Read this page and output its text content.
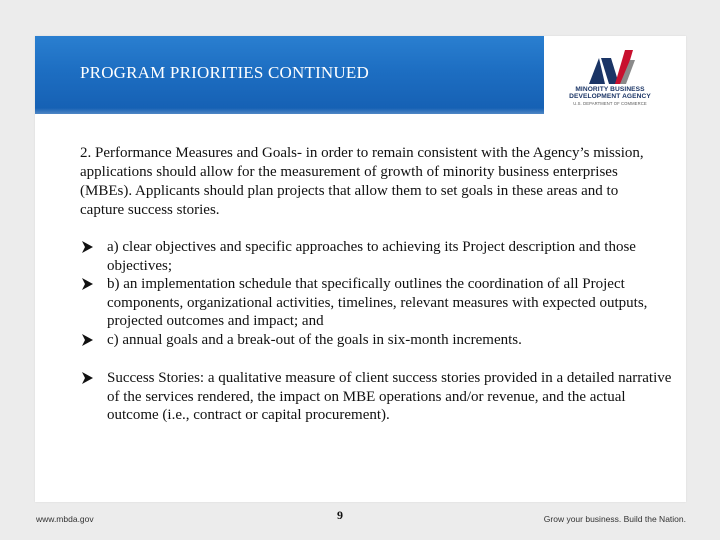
PROGRAM PRIORITIES CONTINUED
MINORITY BUSINESS
DEVELOPMENT AGENCY
U.S. DEPARTMENT OF COMMERCE
2. Performance Measures and Goals- in order to remain consistent with the Agency’s mission, applications should allow for the measurement of growth of minority business enterprises (MBEs). Applicants should plan projects that allow them to set goals in these areas and to capture success stories.
a) clear objectives and specific approaches to achieving its Project description and those objectives;
b) an implementation schedule that specifically outlines the coordination of all Project components, organizational activities, timelines, relevant measures with expected outputs, projected outcomes and impact; and
c) annual goals and a break-out of the goals in six-month increments.
Success Stories: a qualitative measure of client success stories provided in a detailed narrative of the services rendered, the impact on MBE operations and/or revenue, and the actual outcome (i.e., contract or capital procurement).
www.mbda.gov	9	Grow your business. Build the Nation.
